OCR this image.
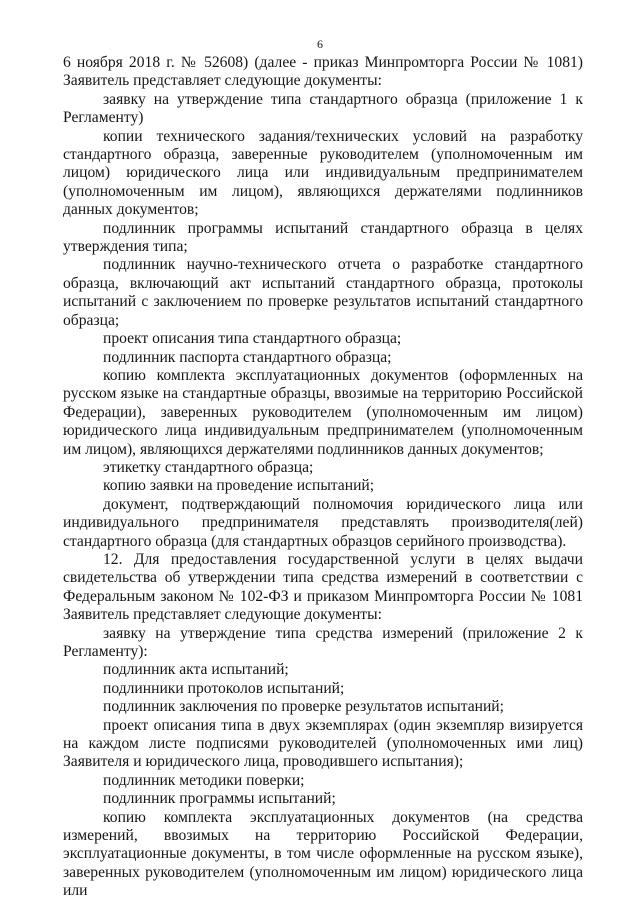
6

6 ноября 2018 г. № 52608) (далее - приказ Минпромторга России № 1081) Заявитель представляет следующие документы:

заявку на утверждение типа стандартного образца (приложение 1 к Регламенту)

копии технического задания/технических условий на разработку стандартного образца, заверенные руководителем (уполномоченным им лицом) юридического лица или индивидуальным предпринимателем (уполномоченным им лицом), являющихся держателями подлинников данных документов;

подлинник программы испытаний стандартного образца в целях утверждения типа;

подлинник научно-технического отчета о разработке стандартного образца, включающий акт испытаний стандартного образца, протоколы испытаний с заключением по проверке результатов испытаний стандартного образца;

проект описания типа стандартного образца;

подлинник паспорта стандартного образца;

копию комплекта эксплуатационных документов (оформленных на русском языке на стандартные образцы, ввозимые на территорию Российской Федерации), заверенных руководителем (уполномоченным им лицом) юридического лица индивидуальным предпринимателем (уполномоченным им лицом), являющихся держателями подлинников данных документов;

этикетку стандартного образца;

копию заявки на проведение испытаний;

документ, подтверждающий полномочия юридического лица или индивидуального предпринимателя представлять производителя(лей) стандартного образца (для стандартных образцов серийного производства).

12. Для предоставления государственной услуги в целях выдачи свидетельства об утверждении типа средства измерений в соответствии с Федеральным законом № 102-ФЗ и приказом Минпромторга России № 1081 Заявитель представляет следующие документы:

заявку на утверждение типа средства измерений (приложение 2 к Регламенту):

подлинник акта испытаний;

подлинники протоколов испытаний;

подлинник заключения по проверке результатов испытаний;

проект описания типа в двух экземплярах (один экземпляр визируется на каждом листе подписями руководителей (уполномоченных ими лиц) Заявителя и юридического лица, проводившего испытания);

подлинник методики поверки;

подлинник программы испытаний;

копию комплекта эксплуатационных документов (на средства измерений, ввозимых на территорию Российской Федерации, эксплуатационные документы, в том числе оформленные на русском языке), заверенных руководителем (уполномоченным им лицом) юридического лица или
